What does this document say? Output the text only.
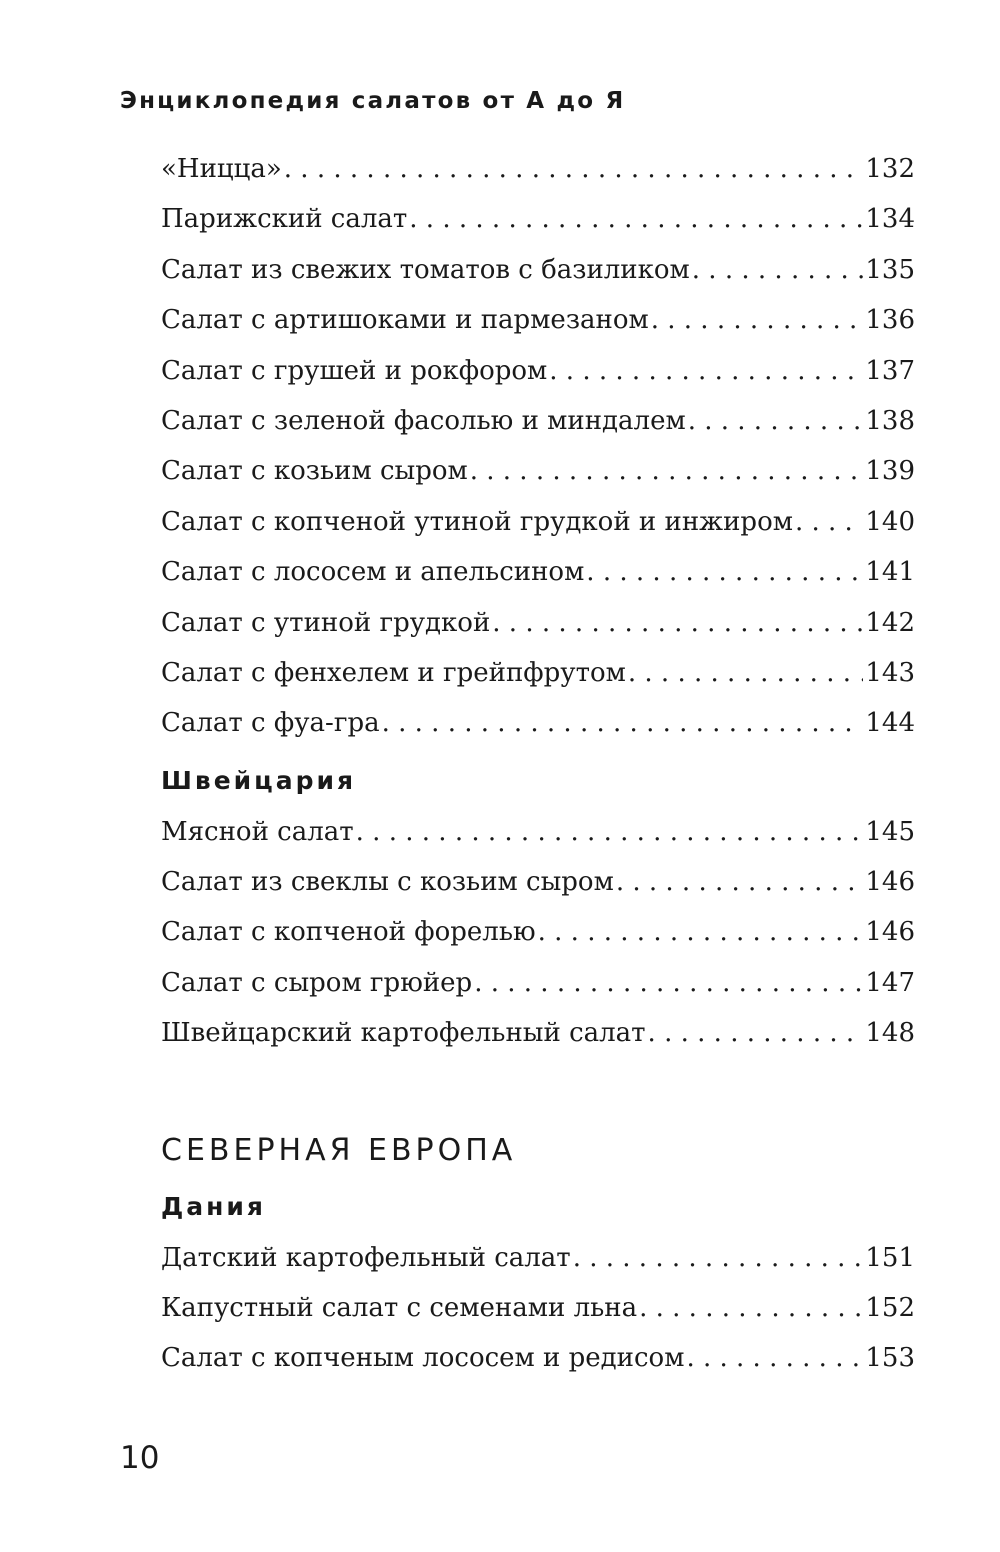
Энциклопедия салатов от А до Я
«Ницца» . . .	132
Парижский салат . . .	134
Салат из свежих томатов с базиликом . . .	135
Салат с артишоками и пармезаном . . .	136
Салат с грушей и рокфором . . .	137
Салат с зеленой фасолью и миндалем . . .	138
Салат с козьим сыром . . .	139
Салат с копченой утиной грудкой и инжиром . . .	140
Салат с лососем и апельсином . . .	141
Салат с утиной грудкой . . .	142
Салат с фенхелем и грейпфрутом . . .	143
Салат с фуа-гра . . .	144
Швейцария
Мясной салат . . .	145
Салат из свеклы с козьим сыром . . .	146
Салат с копченой форелью . . .	146
Салат с сыром грюйер . . .	147
Швейцарский картофельный салат . . .	148
СЕВЕРНАЯ ЕВРОПА
Дания
Датский картофельный салат . . .	151
Капустный салат с семенами льна . . .	152
Салат с копченым лососем и редисом . . .	153
10
